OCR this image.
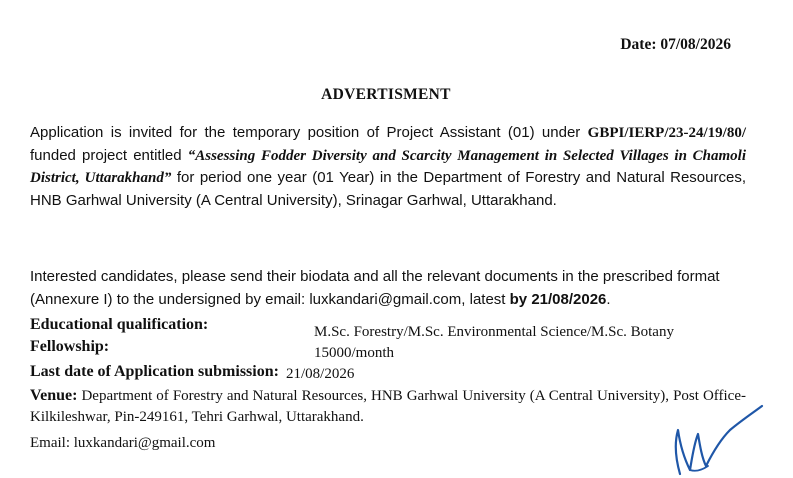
Date: 07/08/2026
ADVERTISMENT
Application is invited for the temporary position of Project Assistant (01) under GBPI/IERP/23-24/19/80/ funded project entitled “Assessing Fodder Diversity and Scarcity Management in Selected Villages in Chamoli District, Uttarakhand” for period one year (01 Year) in the Department of Forestry and Natural Resources, HNB Garhwal University (A Central University), Srinagar Garhwal, Uttarakhand.
Interested candidates, please send their biodata and all the relevant documents in the prescribed format (Annexure I) to the undersigned by email: luxkandari@gmail.com, latest by 21/08/2026.
Educational qualification:	M.Sc. Forestry/M.Sc. Environmental Science/M.Sc. Botany
Fellowship:	15000/month
Last date of Application submission: 21/08/2026
Venue: Department of Forestry and Natural Resources, HNB Garhwal University (A Central University), Post Office-Kilkileshwar, Pin-249161, Tehri Garhwal, Uttarakhand.
Email: luxkandari@gmail.com
